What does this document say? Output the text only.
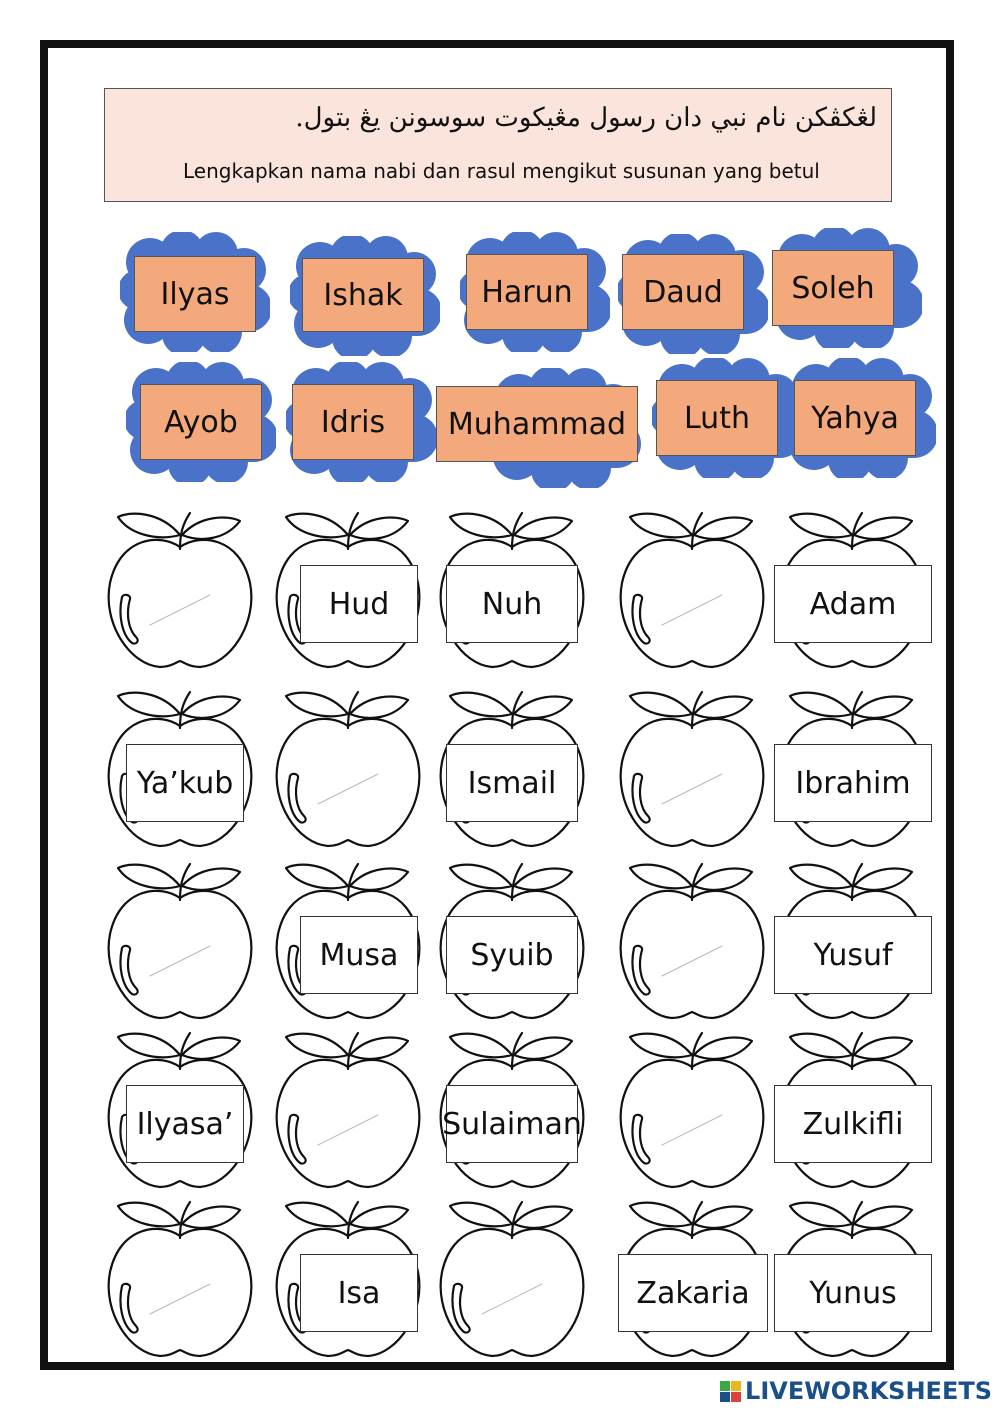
لڠكڤكن نام نبي دان رسول مڠيكوت سوسونن يڠ بتول.
Lengkapkan nama nabi dan rasul mengikut susunan yang betul
Ilyas	Ishak	Harun	Daud	Soleh
Ayob	Idris	Muhammad	Luth	Yahya
Hud	Nuh	Adam
Ya’kub	Ismail	Ibrahim
Musa	Syuib	Yusuf
Ilyasa’	Sulaiman	Zulkifli
Isa	Zakaria	Yunus
LIVEWORKSHEETS
